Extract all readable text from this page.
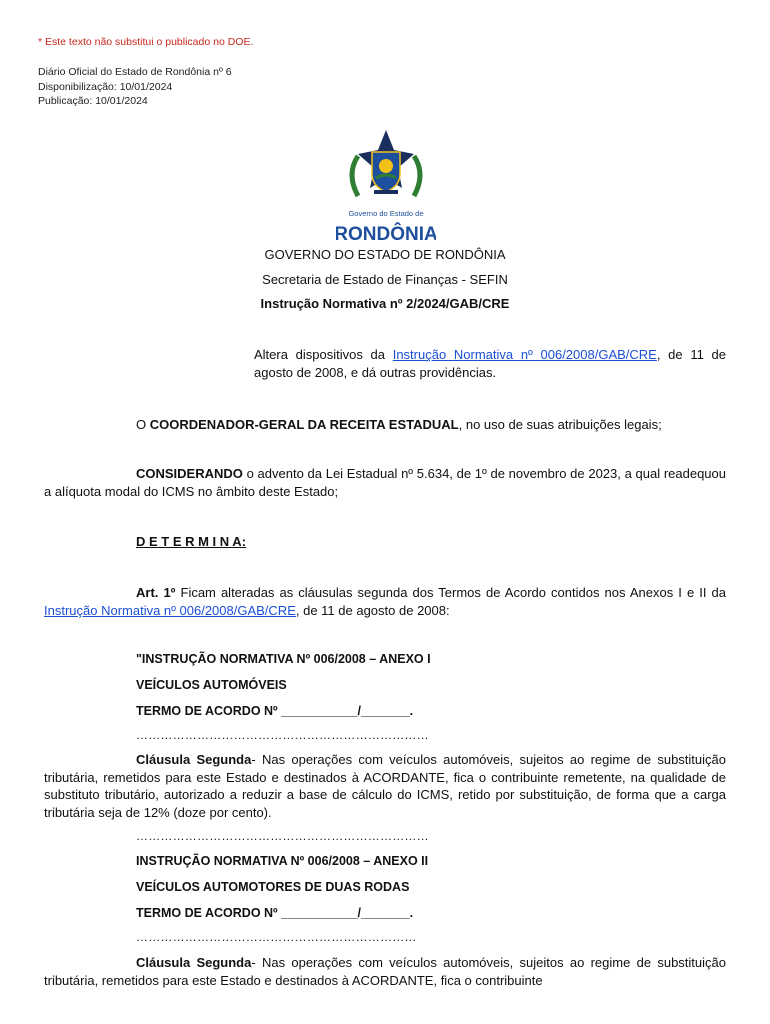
* Este texto não substitui o publicado no DOE.
Diário Oficial do Estado de Rondônia nº 6
Disponibilização: 10/01/2024
Publicação: 10/01/2024
Governo do Estado de
RONDÔNIA
GOVERNO DO ESTADO DE RONDÔNIA
Secretaria de Estado de Finanças - SEFIN
Instrução Normativa nº 2/2024/GAB/CRE
Altera dispositivos da Instrução Normativa nº 006/2008/GAB/CRE, de 11 de agosto de 2008, e dá outras providências.
O COORDENADOR-GERAL DA RECEITA ESTADUAL, no uso de suas atribuições legais;
CONSIDERANDO o advento da Lei Estadual nº 5.634, de 1º de novembro de 2023, a qual readequou a alíquota modal do ICMS no âmbito deste Estado;
D E T E R M I N A:
Art. 1º Ficam alteradas as cláusulas segunda dos Termos de Acordo contidos nos Anexos I e II da Instrução Normativa nº 006/2008/GAB/CRE, de 11 de agosto de 2008:
"INSTRUÇÃO NORMATIVA Nº 006/2008 – ANEXO I
VEÍCULOS AUTOMÓVEIS
TERMO DE ACORDO Nº ___________/_______.
………………………………………………………………
Cláusula Segunda- Nas operações com veículos automóveis, sujeitos ao regime de substituição tributária, remetidos para este Estado e destinados à ACORDANTE, fica o contribuinte remetente, na qualidade de substituto tributário, autorizado a reduzir a base de cálculo do ICMS, retido por substituição, de forma que a carga tributária seja de 12% (doze por cento).
………………………………………………………………
INSTRUÇÃO NORMATIVA Nº 006/2008 – ANEXO II
VEÍCULOS AUTOMOTORES DE DUAS RODAS
TERMO DE ACORDO Nº ___________/_______.
……………………………………………………………
Cláusula Segunda- Nas operações com veículos automóveis, sujeitos ao regime de substituição tributária, remetidos para este Estado e destinados à ACORDANTE, fica o contribuinte
